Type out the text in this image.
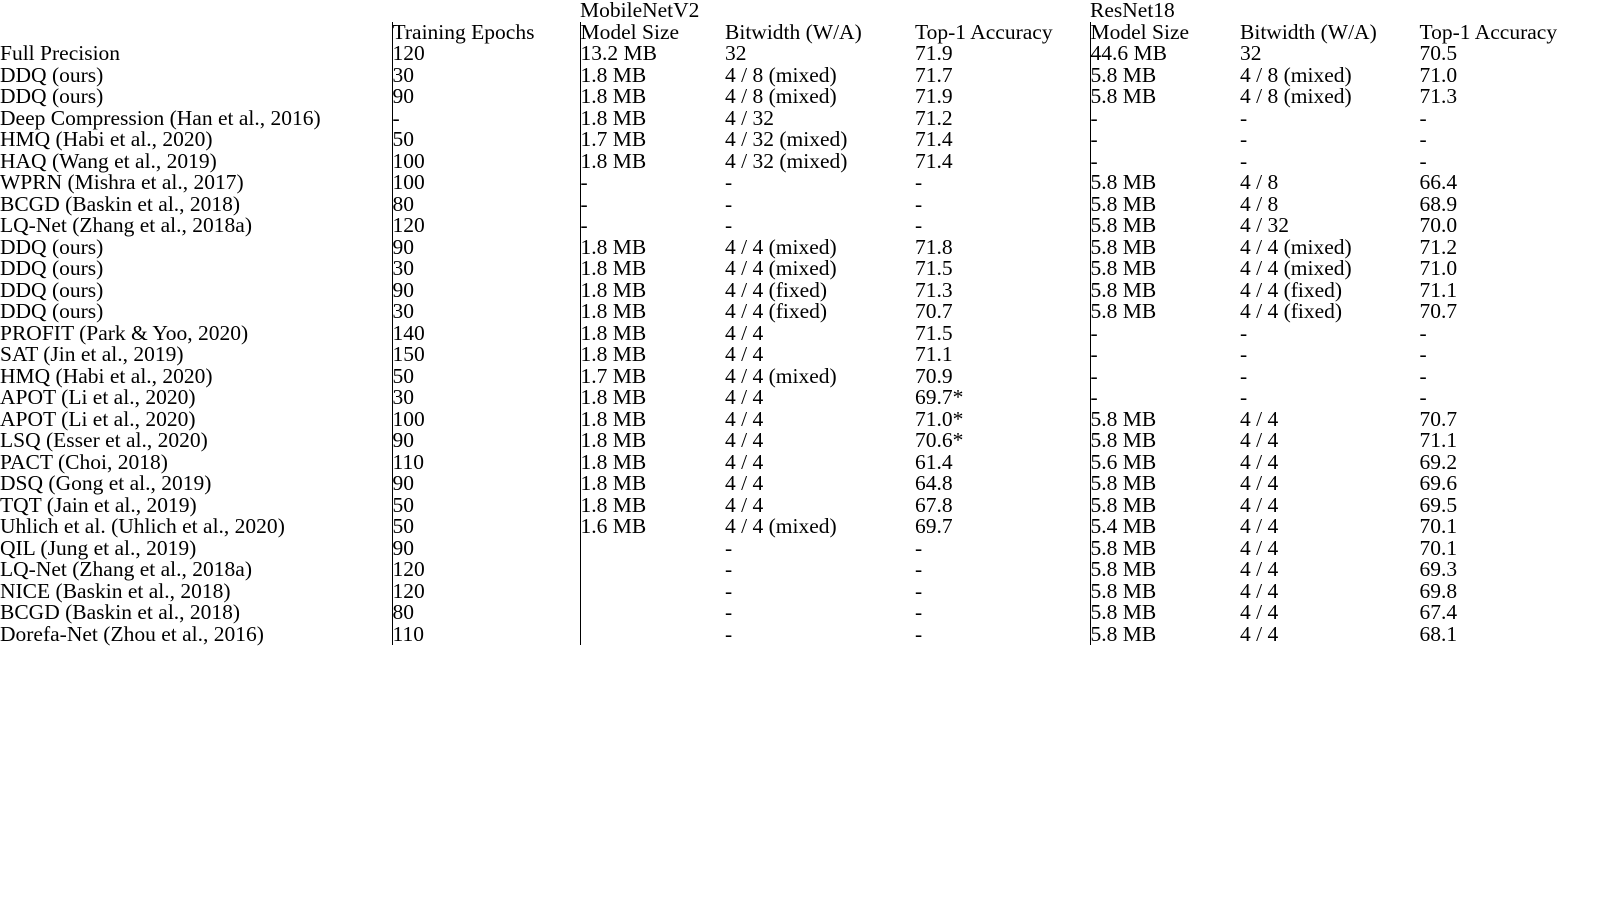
		MobileNetV2			ResNet18		
	Training Epochs	Model Size	Bitwidth (W/A)	Top-1 Accuracy	Model Size	Bitwidth (W/A)	Top-1 Accuracy
Full Precision	120	13.2 MB	32	71.9	44.6 MB	32	70.5
DDQ (ours)	30	1.8 MB	4 / 8 (mixed)	71.7	5.8 MB	4 / 8 (mixed)	71.0
DDQ (ours)	90	1.8 MB	4 / 8 (mixed)	71.9	5.8 MB	4 / 8 (mixed)	71.3
Deep Compression (Han et al., 2016)	-	1.8 MB	4 / 32	71.2	-	-	-
HMQ (Habi et al., 2020)	50	1.7 MB	4 / 32 (mixed)	71.4	-	-	-
HAQ (Wang et al., 2019)	100	1.8 MB	4 / 32 (mixed)	71.4	-	-	-
WPRN (Mishra et al., 2017)	100	-	-	-	5.8 MB	4 / 8	66.4
BCGD (Baskin et al., 2018)	80	-	-	-	5.8 MB	4 / 8	68.9
LQ-Net (Zhang et al., 2018a)	120	-	-	-	5.8 MB	4 / 32	70.0
DDQ (ours)	90	1.8 MB	4 / 4 (mixed)	71.8	5.8 MB	4 / 4 (mixed)	71.2
DDQ (ours)	30	1.8 MB	4 / 4 (mixed)	71.5	5.8 MB	4 / 4 (mixed)	71.0
DDQ (ours)	90	1.8 MB	4 / 4 (fixed)	71.3	5.8 MB	4 / 4 (fixed)	71.1
DDQ (ours)	30	1.8 MB	4 / 4 (fixed)	70.7	5.8 MB	4 / 4 (fixed)	70.7
PROFIT (Park & Yoo, 2020)	140	1.8 MB	4 / 4	71.5	-	-	-
SAT (Jin et al., 2019)	150	1.8 MB	4 / 4	71.1	-	-	-
HMQ (Habi et al., 2020)	50	1.7 MB	4 / 4 (mixed)	70.9	-	-	-
APOT (Li et al., 2020)	30	1.8 MB	4 / 4	69.7*	-	-	-
APOT (Li et al., 2020)	100	1.8 MB	4 / 4	71.0*	5.8 MB	4 / 4	70.7
LSQ (Esser et al., 2020)	90	1.8 MB	4 / 4	70.6*	5.8 MB	4 / 4	71.1
PACT (Choi, 2018)	110	1.8 MB	4 / 4	61.4	5.6 MB	4 / 4	69.2
DSQ (Gong et al., 2019)	90	1.8 MB	4 / 4	64.8	5.8 MB	4 / 4	69.6
TQT (Jain et al., 2019)	50	1.8 MB	4 / 4	67.8	5.8 MB	4 / 4	69.5
Uhlich et al. (Uhlich et al., 2020)	50	1.6 MB	4 / 4 (mixed)	69.7	5.4 MB	4 / 4	70.1
QIL (Jung et al., 2019)	90		-	-	5.8 MB	4 / 4	70.1
LQ-Net (Zhang et al., 2018a)	120		-	-	5.8 MB	4 / 4	69.3
NICE (Baskin et al., 2018)	120		-	-	5.8 MB	4 / 4	69.8
BCGD (Baskin et al., 2018)	80		-	-	5.8 MB	4 / 4	67.4
Dorefa-Net (Zhou et al., 2016)	110		-	-	5.8 MB	4 / 4	68.1
